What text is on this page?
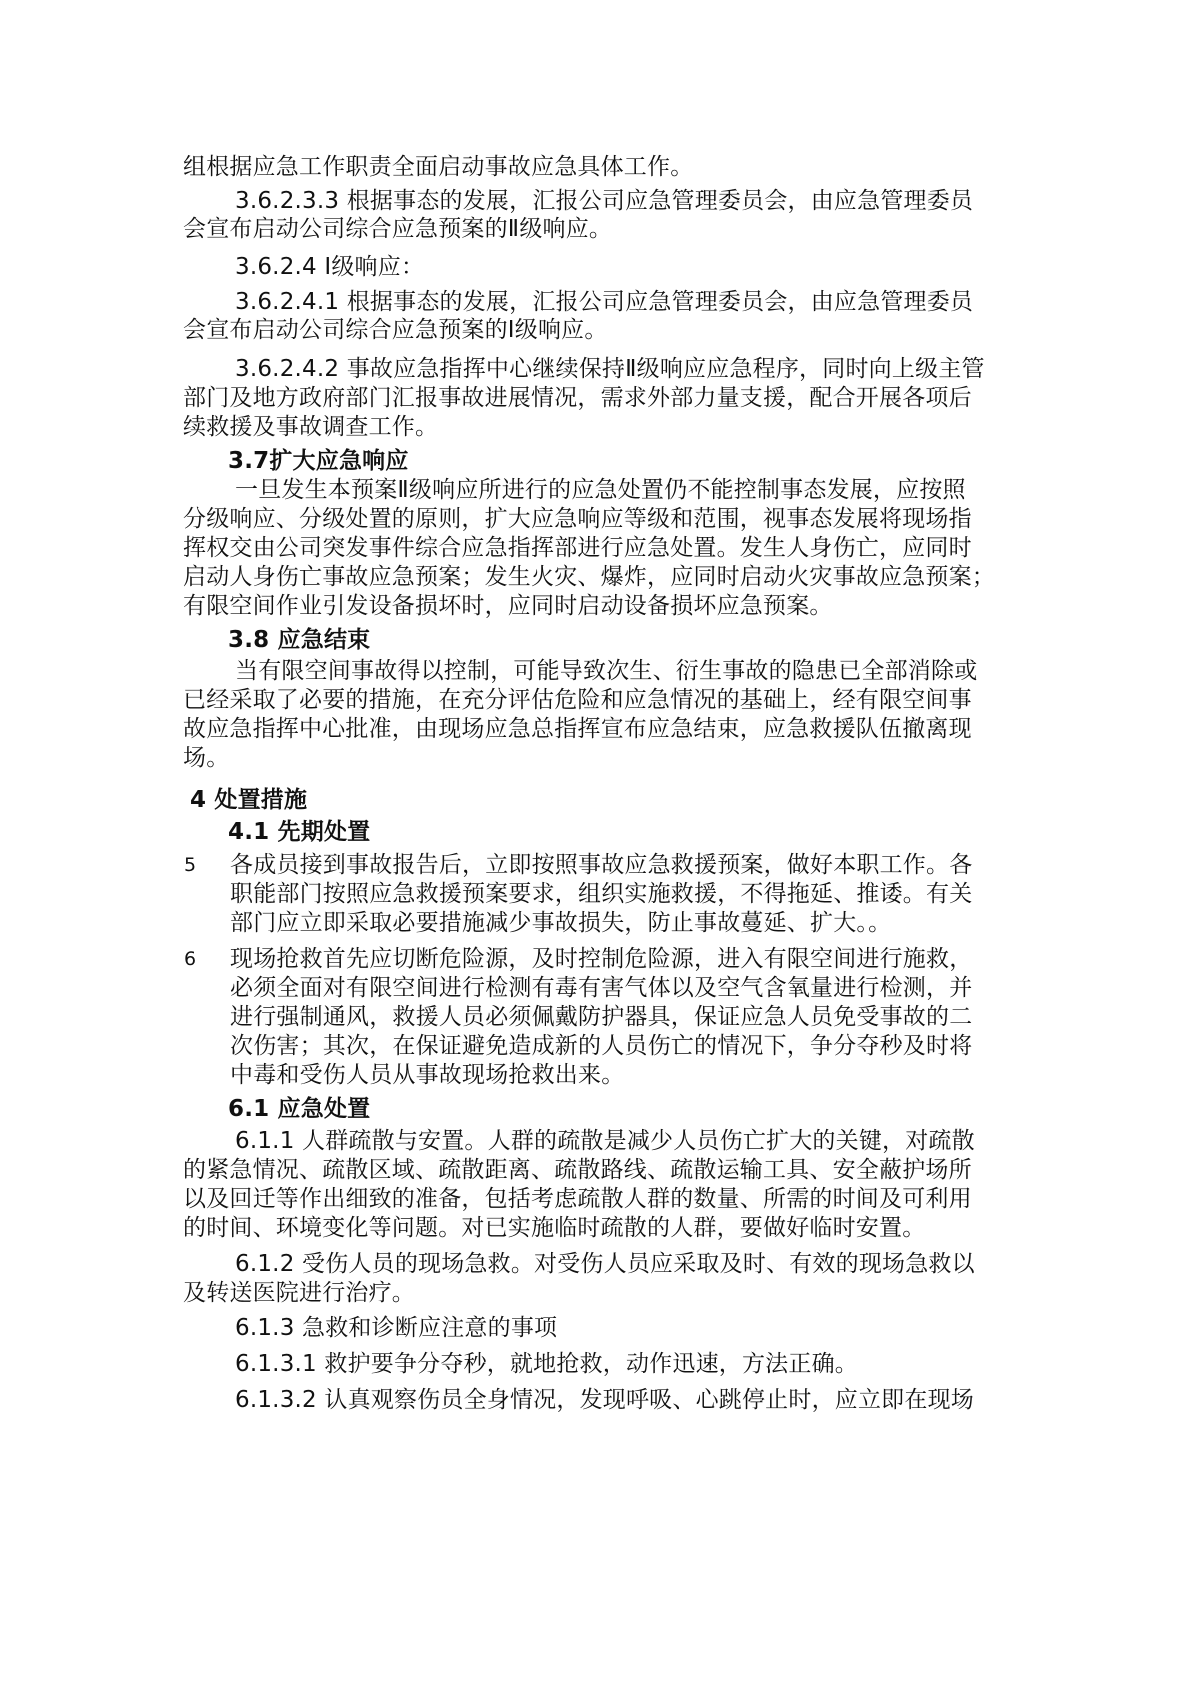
组根据应急工作职责全面启动事故应急具体工作。
3.6.2.3.3 根据事态的发展，汇报公司应急管理委员会，由应急管理委员
会宣布启动公司综合应急预案的Ⅱ级响应。
3.6.2.4 Ⅰ级响应：
3.6.2.4.1 根据事态的发展，汇报公司应急管理委员会，由应急管理委员
会宣布启动公司综合应急预案的Ⅰ级响应。
3.6.2.4.2 事故应急指挥中心继续保持Ⅱ级响应应急程序，同时向上级主管
部门及地方政府部门汇报事故进展情况，需求外部力量支援，配合开展各项后
续救援及事故调查工作。
3.7扩大应急响应
一旦发生本预案Ⅱ级响应所进行的应急处置仍不能控制事态发展，应按照
分级响应、分级处置的原则，扩大应急响应等级和范围，视事态发展将现场指
挥权交由公司突发事件综合应急指挥部进行应急处置。发生人身伤亡，应同时
启动人身伤亡事故应急预案；发生火灾、爆炸，应同时启动火灾事故应急预案；
有限空间作业引发设备损坏时，应同时启动设备损坏应急预案。
3.8 应急结束
当有限空间事故得以控制，可能导致次生、衍生事故的隐患已全部消除或
已经采取了必要的措施，在充分评估危险和应急情况的基础上，经有限空间事
故应急指挥中心批准，由现场应急总指挥宣布应急结束，应急救援队伍撤离现
场。
4 处置措施
4.1 先期处置
5 各成员接到事故报告后，立即按照事故应急救援预案，做好本职工作。各
职能部门按照应急救援预案要求，组织实施救援，不得拖延、推诿。有关
部门应立即采取必要措施减少事故损失，防止事故蔓延、扩大。。
6 现场抢救首先应切断危险源，及时控制危险源，进入有限空间进行施救，
必须全面对有限空间进行检测有毒有害气体以及空气含氧量进行检测，并
进行强制通风，救援人员必须佩戴防护器具，保证应急人员免受事故的二
次伤害；其次，在保证避免造成新的人员伤亡的情况下，争分夺秒及时将
中毒和受伤人员从事故现场抢救出来。
6.1 应急处置
6.1.1 人群疏散与安置。人群的疏散是减少人员伤亡扩大的关键，对疏散
的紧急情况、疏散区域、疏散距离、疏散路线、疏散运输工具、安全蔽护场所
以及回迁等作出细致的准备，包括考虑疏散人群的数量、所需的时间及可利用
的时间、环境变化等问题。对已实施临时疏散的人群，要做好临时安置。
6.1.2 受伤人员的现场急救。对受伤人员应采取及时、有效的现场急救以
及转送医院进行治疗。
6.1.3 急救和诊断应注意的事项
6.1.3.1 救护要争分夺秒，就地抢救，动作迅速，方法正确。
6.1.3.2 认真观察伤员全身情况，发现呼吸、心跳停止时，应立即在现场
